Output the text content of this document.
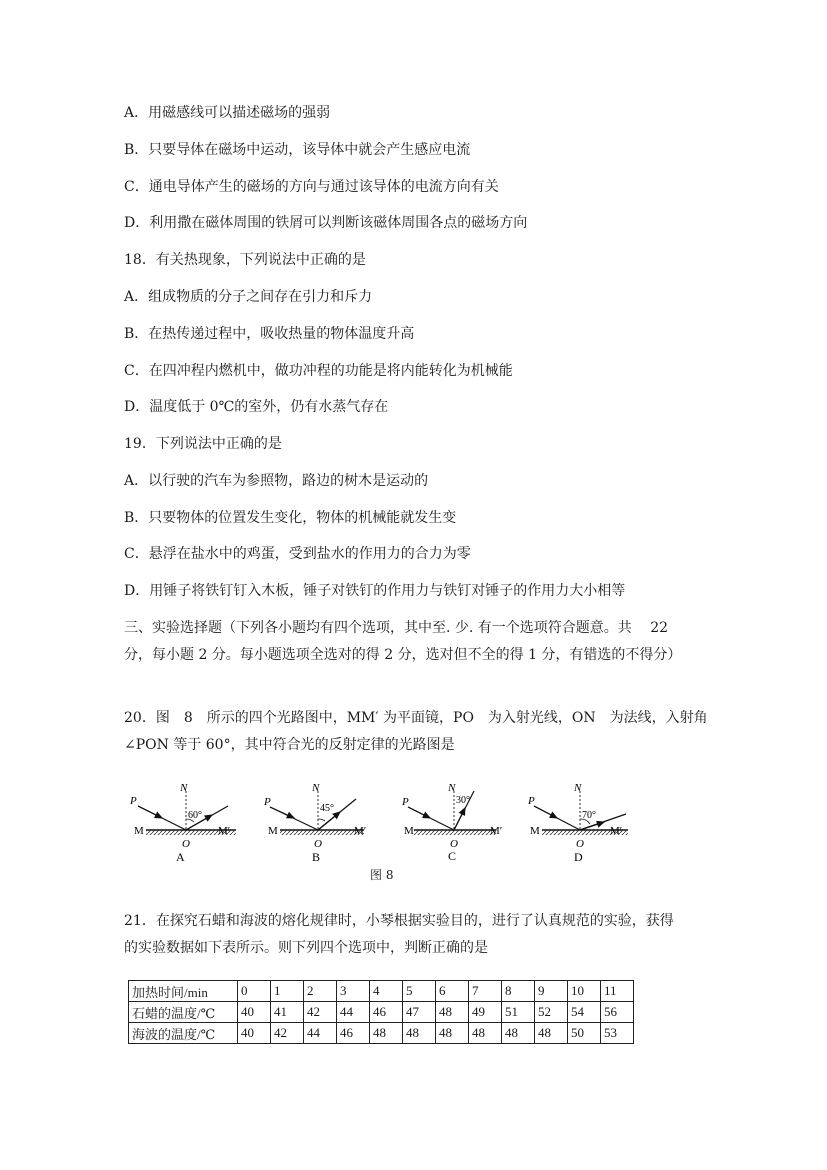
A．用磁感线可以描述磁场的强弱
B．只要导体在磁场中运动，该导体中就会产生感应电流
C．通电导体产生的磁场的方向与通过该导体的电流方向有关
D．利用撒在磁体周围的铁屑可以判断该磁体周围各点的磁场方向
18．有关热现象，下列说法中正确的是
A．组成物质的分子之间存在引力和斥力
B．在热传递过程中，吸收热量的物体温度升高
C．在四冲程内燃机中，做功冲程的功能是将内能转化为机械能
D．温度低于 0℃的室外，仍有水蒸气存在
19．下列说法中正确的是
A．以行驶的汽车为参照物，路边的树木是运动的
B．只要物体的位置发生变化，物体的机械能就发生变
C．悬浮在盐水中的鸡蛋，受到盐水的作用力的合力为零
D．用锤子将铁钉钉入木板，锤子对铁钉的作用力与铁钉对锤子的作用力大小相等
三、实验选择题（下列各小题均有四个选项，其中至. 少. 有一个选项符合题意。共　 22
分，每小题 2 分。每小题选项全选对的得 2 分，选对但不全的得 1 分，有错选的不得分）
20．图　8　所示的四个光路图中，MM′ 为平面镜，PO　为入射光线，ON　为法线，入射角
∠PON 等于 60°，其中符合光的反射定律的光路图是
P
N
60°
M	M′
O
A
P
N
45°
M	M′
O
B
P
N
30°
M	M′
O
C
P
N
70°
M	M′
O
D
图 8
21．在探究石蜡和海波的熔化规律时，小琴根据实验目的，进行了认真规范的实验，获得
的实验数据如下表所示。则下列四个选项中，判断正确的是
加热时间/min	0	1	2	3	4	5	6	7	8	9	10	11
石蜡的温度/℃	40	41	42	44	46	47	48	49	51	52	54	56
海波的温度/℃	40	42	44	46	48	48	48	48	48	48	50	53
